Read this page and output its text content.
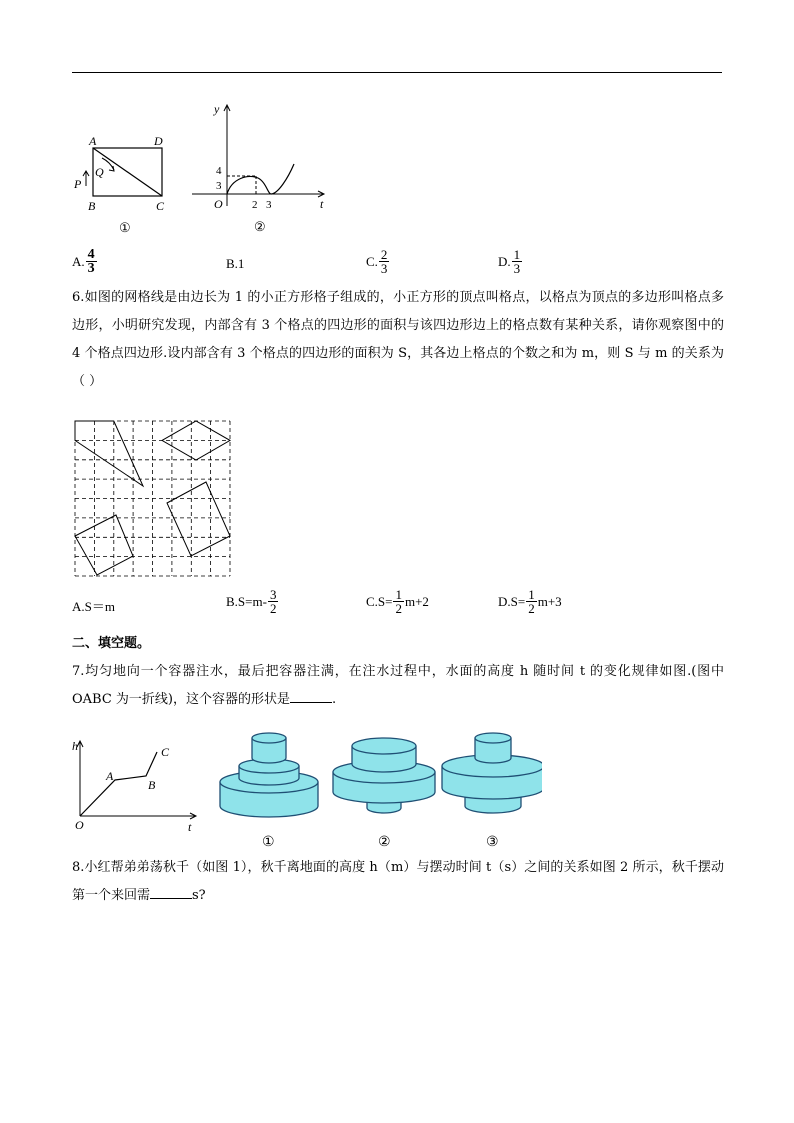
A	D
B	C
P
Q
①
y
t
O
4
3
2 3
②
A. $\frac{4}{3}$	B.1	C. $\frac{2}{3}$	D. $\frac{1}{3}$
6.如图的网格线是由边长为 1 的小正方形格子组成的，小正方形的顶点叫格点，以格点为顶点的多边形叫格点多边形，小明研究发现，内部含有 3 个格点的四边形的面积与该四边形边上的格点数有某种关系，请你观察图中的 4 个格点四边形.设内部含有 3 个格点的四边形的面积为 S，其各边上格点的个数之和为 m，则 S 与 m 的关系为（ ）
A.S＝m	B. $S=m- \frac{3}{2}$	C. $S= \frac{1}{2} m+2$	D. $S= \frac{1}{2} m+3$
二、填空题。
7.均匀地向一个容器注水，最后把容器注满，在注水过程中，水面的高度 h 随时间 t 的变化规律如图.(图中 OABC 为一折线)，这个容器的形状是	.
h
O	t
A
B
C
①	②	③
8.小红帮弟弟荡秋千（如图 1），秋千离地面的高度 h（m）与摆动时间 t（s）之间的关系如图 2 所示，秋千摆动第一个来回需	s?
